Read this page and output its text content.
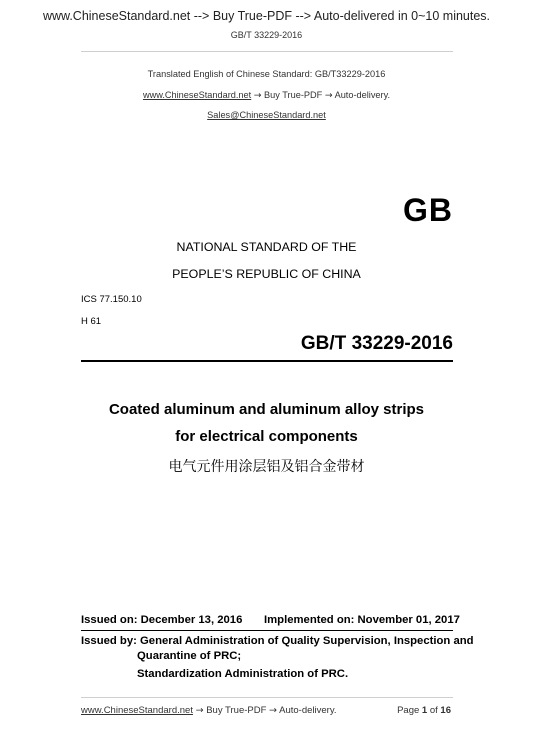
www.ChineseStandard.net --> Buy True-PDF --> Auto-delivered in 0~10 minutes.
GB/T 33229-2016
Translated English of Chinese Standard: GB/T33229-2016
www.ChineseStandard.net → Buy True-PDF → Auto-delivery.
Sales@ChineseStandard.net
GB
NATIONAL STANDARD OF THE
PEOPLE’S REPUBLIC OF CHINA
ICS 77.150.10
H 61
GB/T 33229-2016
Coated aluminum and aluminum alloy strips
for electrical components
电气元件用涂层铝及铝合金带材
Issued on: December 13, 2016 Implemented on: November 01, 2017
Issued by: General Administration of Quality Supervision, Inspection and
Quarantine of PRC;
Standardization Administration of PRC.
www.ChineseStandard.net → Buy True-PDF → Auto-delivery.	Page 1 of 16
